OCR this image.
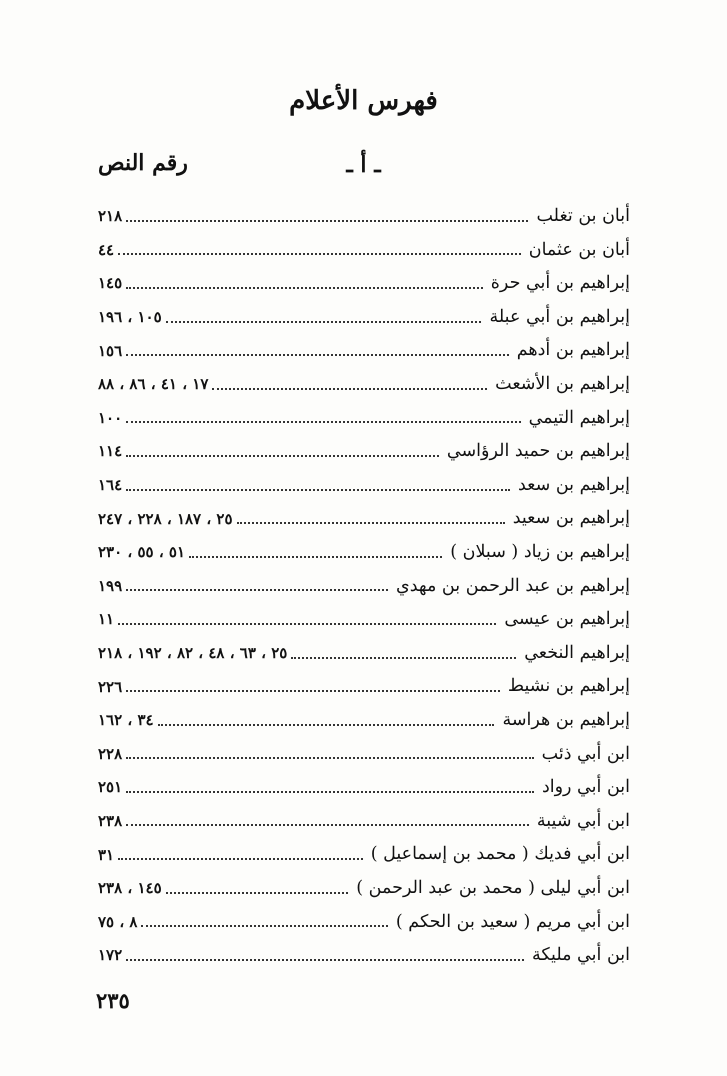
فهرس الأعلام
ـ أ ـ
رقم النص
أبان بن تغلب
٢١٨
أبان بن عثمان
٤٤
إبراهيم بن أبي حرة
١٤٥
إبراهيم بن أبي عبلة
١٠٥ ، ١٩٦
إبراهيم بن أدهم
١٥٦
إبراهيم بن الأشعث
١٧ ، ٤١ ، ٨٦ ، ٨٨
إبراهيم التيمي
١٠٠
إبراهيم بن حميد الرؤاسي
١١٤
إبراهيم بن سعد
١٦٤
إبراهيم بن سعيد
٢٥ ، ١٨٧ ، ٢٢٨ ، ٢٤٧
إبراهيم بن زياد ( سبلان )
٥١ ، ٥٥ ، ٢٣٠
إبراهيم بن عبد الرحمن بن مهدي
١٩٩
إبراهيم بن عيسى
١١
إبراهيم النخعي
٢٥ ، ٦٣ ، ٤٨ ، ٨٢ ، ١٩٢ ، ٢١٨
إبراهيم بن نشيط
٢٢٦
إبراهيم بن هراسة
٣٤ ، ١٦٢
ابن أبي ذئب
٢٢٨
ابن أبي رواد
٢٥١
ابن أبي شيبة
٢٣٨
ابن أبي فديك ( محمد بن إسماعيل )
٣١
ابن أبي ليلى ( محمد بن عبد الرحمن )
١٤٥ ، ٢٣٨
ابن أبي مريم ( سعيد بن الحكم )
٨ ، ٧٥
ابن أبي مليكة
١٧٢
٢٣٥
